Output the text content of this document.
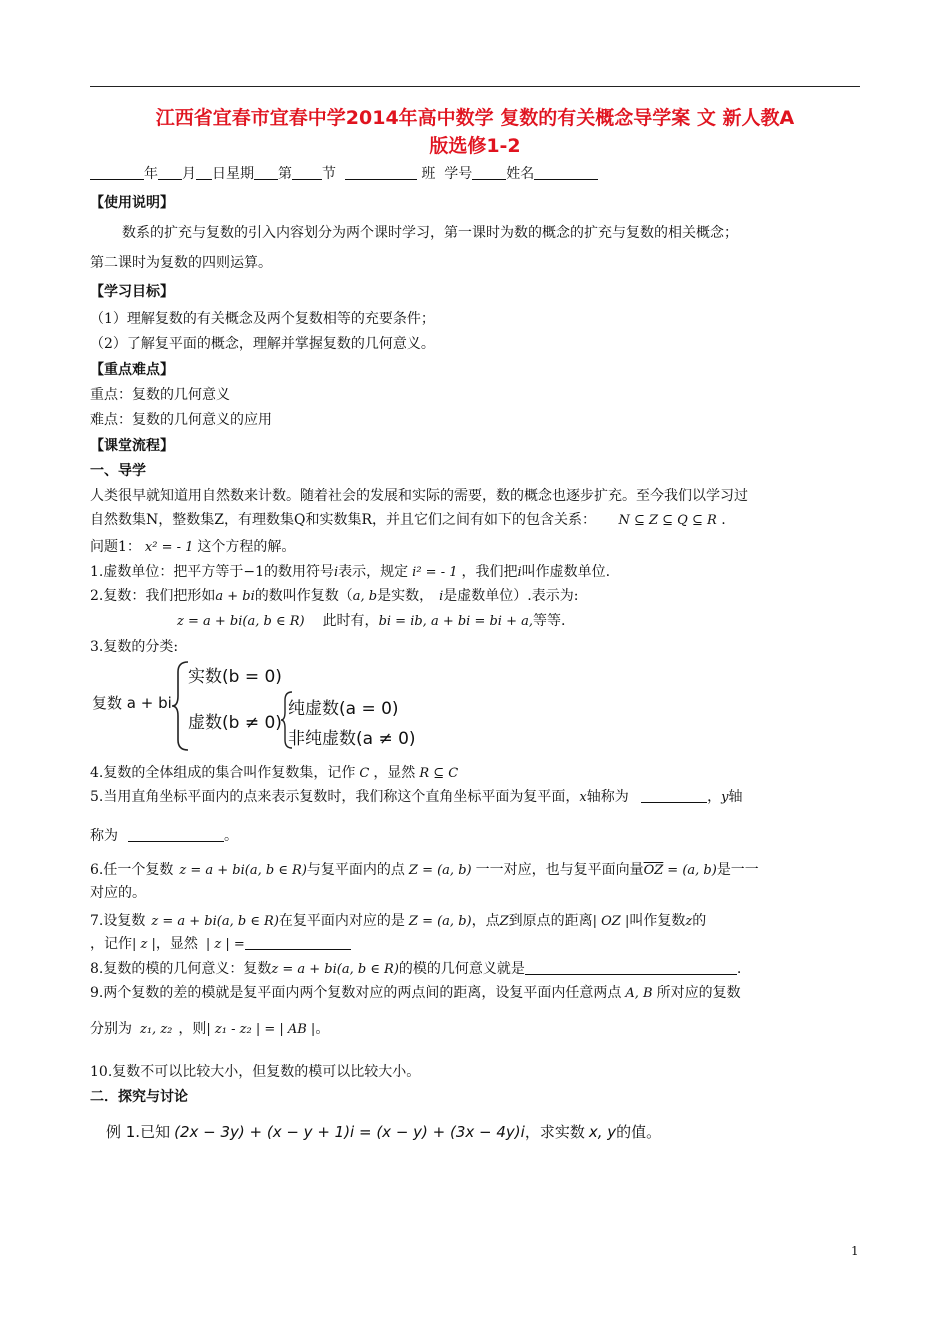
江西省宜春市宜春中学2014年高中数学 复数的有关概念导学案 文 新人教A
版选修1-2
年 月 日星期 第 节	班 学号 姓名
【使用说明】
数系的扩充与复数的引入内容划分为两个课时学习，第一课时为数的概念的扩充与复数的相关概念；
第二课时为复数的四则运算。
【学习目标】
（1）理解复数的有关概念及两个复数相等的充要条件；
（2）了解复平面的概念，理解并掌握复数的几何意义。
【重点难点】
重点：复数的几何意义
难点：复数的几何意义的应用
【课堂流程】
一、导学
人类很早就知道用自然数来计数。随着社会的发展和实际的需要，数的概念也逐步扩充。至今我们以学习过
自然数集N，整数集Z，有理数集Q和实数集R，并且它们之间有如下的包含关系： N ⊆ Z ⊆ Q ⊆ R .
问题1： x² = - 1 这个方程的解。
1.虚数单位：把平方等于−1的数用符号i表示，规定 i² = - 1 ，我们把i叫作虚数单位.
2.复数：我们把形如a + bi的数叫作复数（a, b是实数， i是虚数单位）.表示为:
z = a + bi(a, b ∈ R) 此时有，bi = ib, a + bi = bi + a,等等.
3.复数的分类:
复数 a + bi
实数(b = 0)
虚数(b ≠ 0)
纯虚数(a = 0)
非纯虚数(a ≠ 0)
4.复数的全体组成的集合叫作复数集，记作 C ，显然 R ⊆ C
5.当用直角坐标平面内的点来表示复数时，我们称这个直角坐标平面为复平面，x轴称为	，y轴
称为	。
6.任一个复数 z = a + bi(a, b ∈ R)与复平面内的点 Z = (a, b) 一一对应，也与复平面向量$\overline{OZ} = (a$, b)是一一
对应的。
7.设复数 z = a + bi(a, b ∈ R)在复平面内对应的是 Z = (a, b)，点Z到原点的距离| OZ |叫作复数z的
，记作| z |，显然 | z | =
8.复数的模的几何意义：复数z = a + bi(a, b ∈ R)的模的几何意义就是	.
9.两个复数的差的模就是复平面内两个复数对应的两点间的距离，设复平面内任意两点 A, B 所对应的复数
分别为 z₁, z₂ ，则| z₁ - z₂ | = | AB |。
10.复数不可以比较大小，但复数的模可以比较大小。
二．探究与讨论
例 1.已知 (2x − 3y) + (x − y + 1)i = (x − y) + (3x − 4y)i，求实数 x, y的值。
1
